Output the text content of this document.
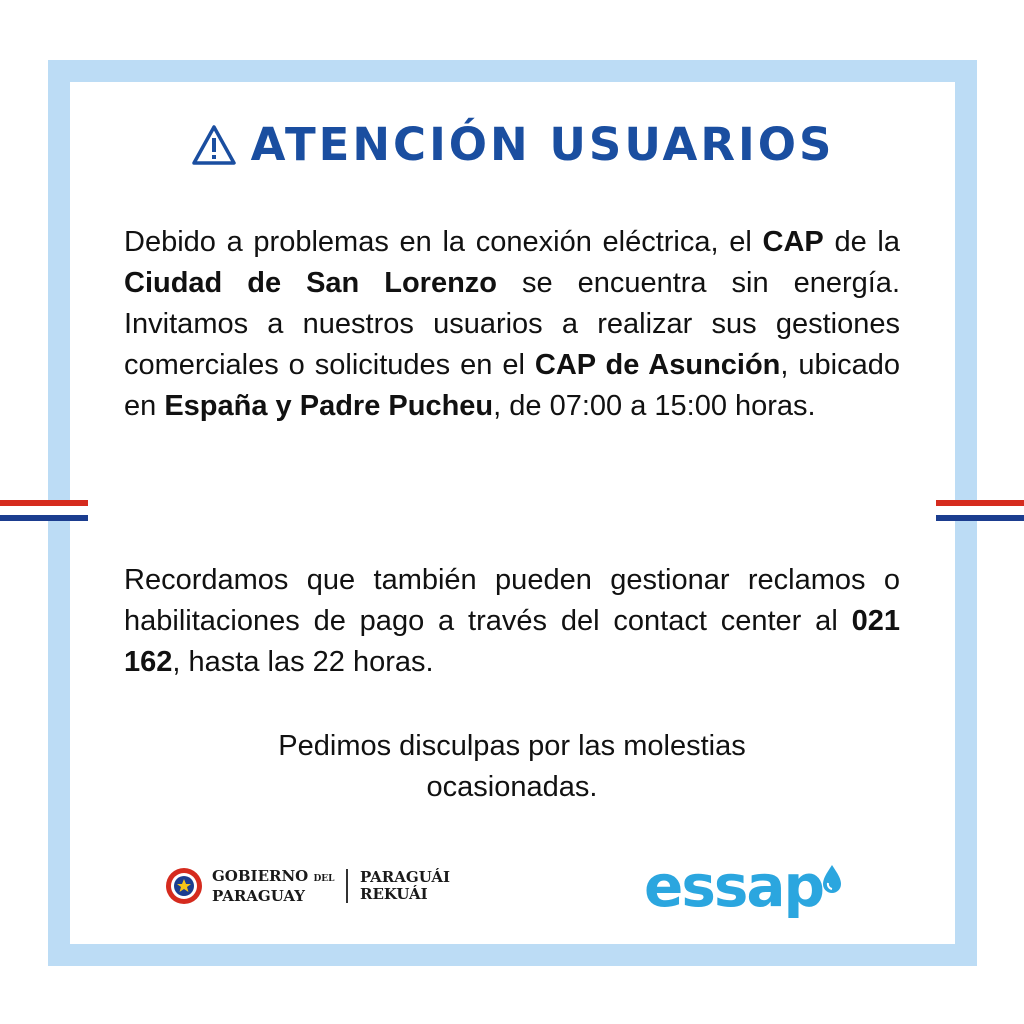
ATENCIÓN USUARIOS

Debido a problemas en la conexión eléctrica, el CAP de la Ciudad de San Lorenzo se encuentra sin energía. Invitamos a nuestros usuarios a realizar sus gestiones comerciales o solicitudes en el CAP de Asunción, ubicado en España y Padre Pucheu, de 07:00 a 15:00 horas.

Recordamos que también pueden gestionar reclamos o habilitaciones de pago a través del contact center al 021 162, hasta las 22 horas.

Pedimos disculpas por las molestias
ocasionadas.

GOBIERNO DEL
PARAGUAY
PARAGUÁI
REKUÁI	essap
